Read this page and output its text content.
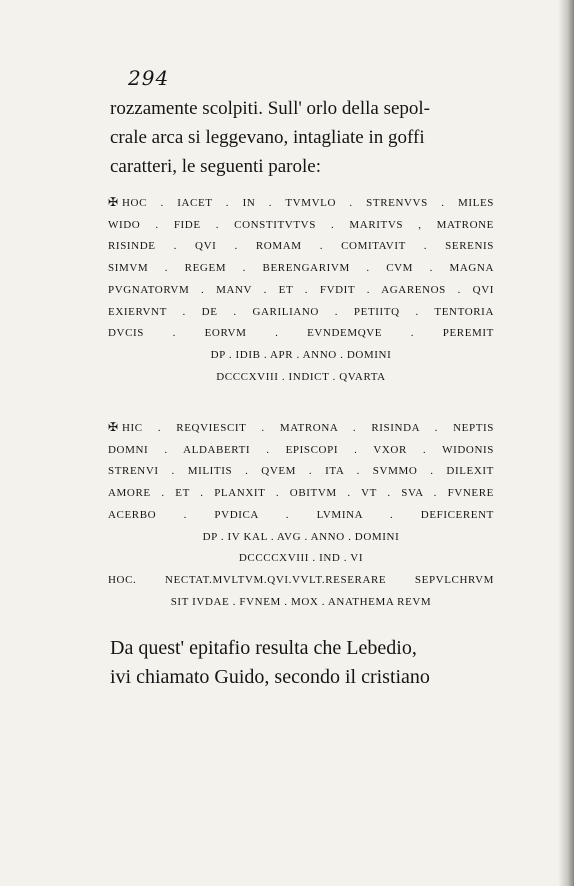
294
rozzamente scolpiti. Sull' orlo della sepol-
crale arca si leggevano, intagliate in goffi
caratteri, le seguenti parole:
✠ HOC . IACET . IN . TVMVLO . STRENVVS . MILES
WIDO . FIDE . CONSTITVTVS . MARITVS , MATRONE
RISINDE . QVI . ROMAM . COMITAVIT . SERENIS
SIMVM . REGEM . BERENGARIVM . CVM . MAGNA
PVGNATORVM . MANV . ET . FVDIT . AGARENOS . QVI
EXIERVNT . DE . GARILIANO . PETIITQ . TENTORIA
DVCIS . EORVM . EVNDEMQVE . PEREMIT
DP . IDIB . APR . ANNO . DOMINI
DCCCXVIII . INDICT . QVARTA
✠ HIC . REQVIESCIT . MATRONA . RISINDA . NEPTIS
DOMNI . ALDABERTI . EPISCOPI . VXOR . WIDONIS
STRENVI . MILITIS . QVEM . ITA . SVMMO . DILEXIT
AMORE . ET . PLANXIT . OBITVM . VT . SVA . FVNERE
ACERBO . PVDICA . LVMINA . DEFICERENT
DP . IV KAL . AVG . ANNO . DOMINI
DCCCCXVIII . IND . VI
HOC. NECTAT.MVLTVM.QVI.VVLT.RESERARE SEPVLCHRVM
SIT IVDAE . FVNEM . MOX . ANATHEMA REVM
Da quest' epitafio resulta che Lebedio,
ivi chiamato Guido, secondo il cristiano
